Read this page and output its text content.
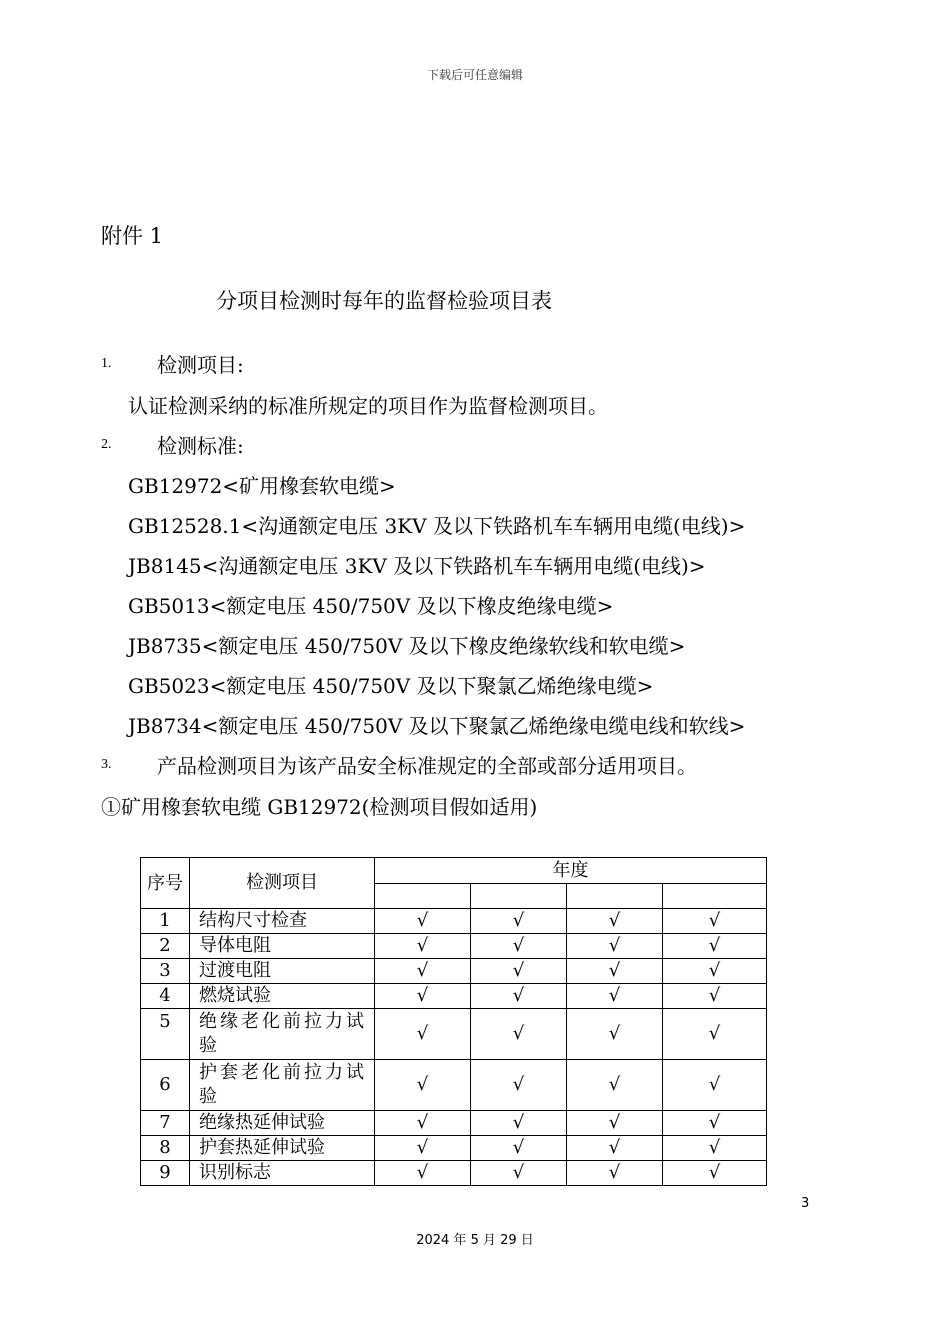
下载后可任意编辑
附件 1
分项目检测时每年的监督检验项目表
1. 检测项目:
认证检测采纳的标准所规定的项目作为监督检测项目。
2. 检测标准:
GB12972<矿用橡套软电缆>
GB12528.1<沟通额定电压 3KV 及以下铁路机车车辆用电缆(电线)>
JB8145<沟通额定电压 3KV 及以下铁路机车车辆用电缆(电线)>
GB5013<额定电压 450/750V 及以下橡皮绝缘电缆>
JB8735<额定电压 450/750V 及以下橡皮绝缘软线和软电缆>
GB5023<额定电压 450/750V 及以下聚氯乙烯绝缘电缆>
JB8734<额定电压 450/750V 及以下聚氯乙烯绝缘电缆电线和软线>
3. 产品检测项目为该产品安全标准规定的全部或部分适用项目。
①矿用橡套软电缆 GB12972(检测项目假如适用)
序号	检测项目	年度			

1	结构尺寸检查	√	√	√	√
2	导体电阻	√	√	√	√
3	过渡电阻	√	√	√	√
4	燃烧试验	√	√	√	√
5	绝缘老化前拉力试验	√	√	√	√
6	护套老化前拉力试验	√	√	√	√
7	绝缘热延伸试验	√	√	√	√
8	护套热延伸试验	√	√	√	√
9	识别标志	√	√	√	√
3
2024 年 5 月 29 日
